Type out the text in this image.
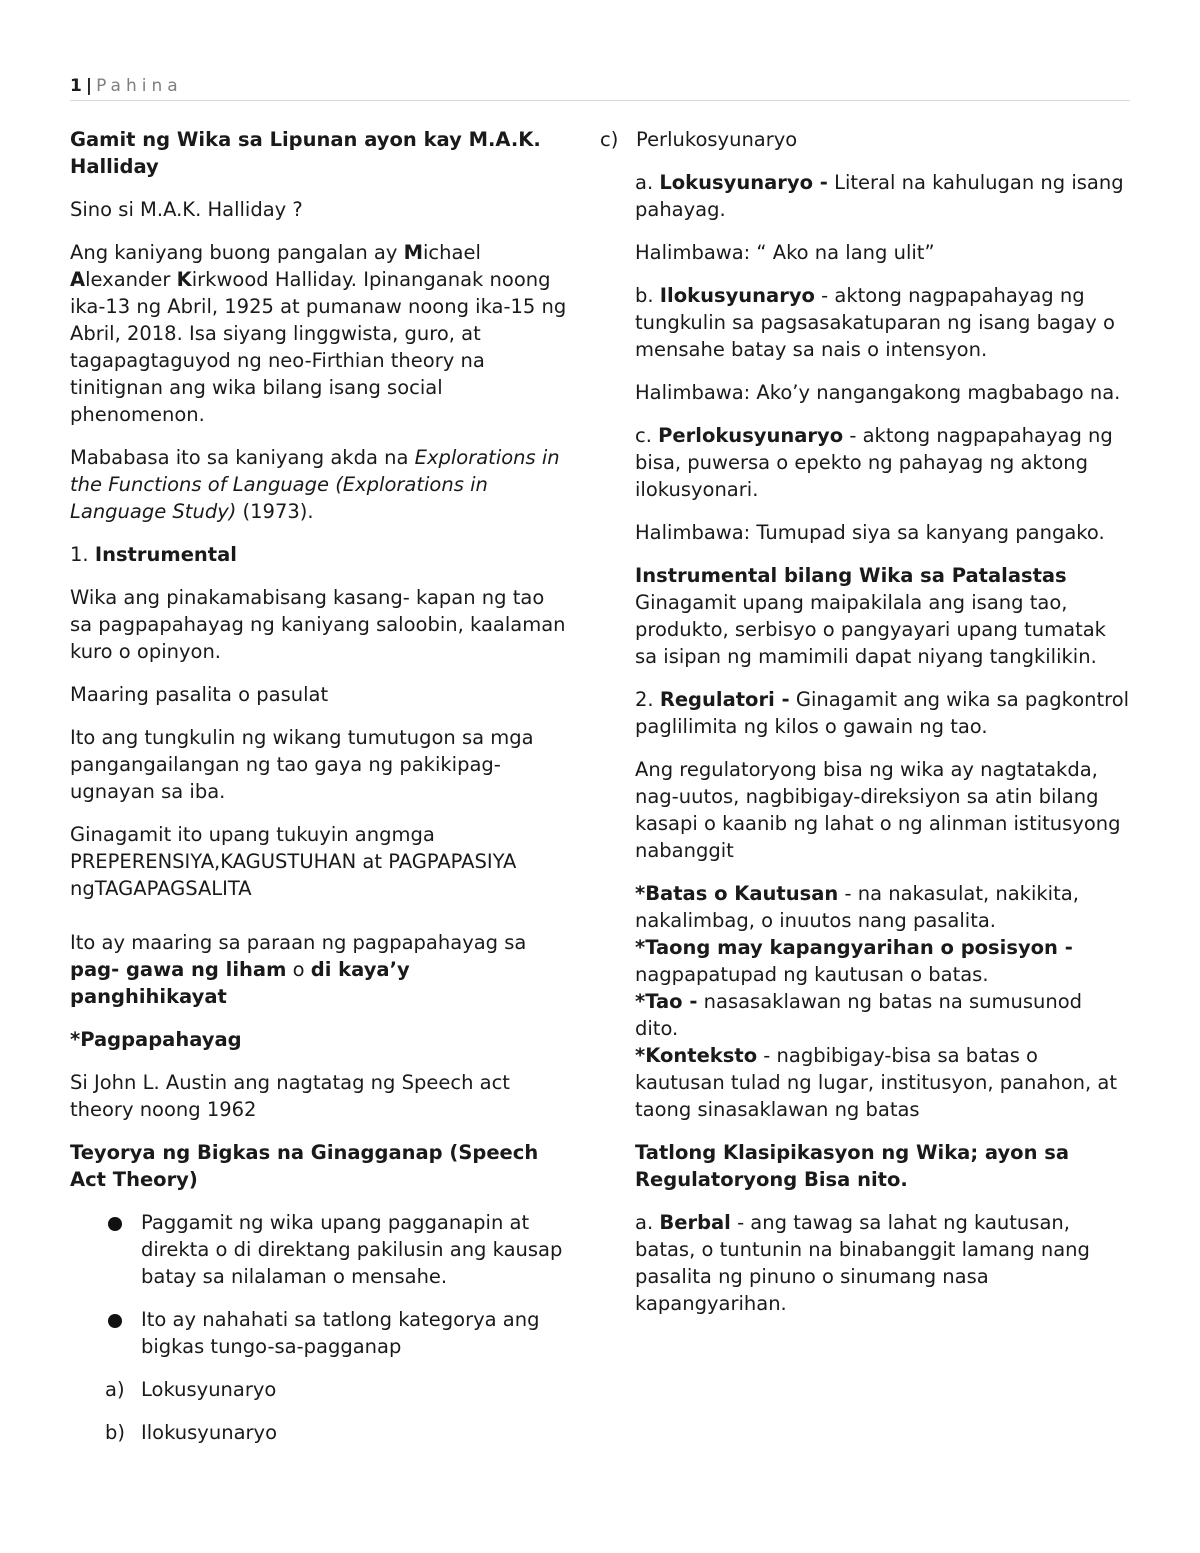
1 | Pahina

Gamit ng Wika sa Lipunan ayon kay M.A.K. Halliday

Sino si M.A.K. Halliday ?

Ang kaniyang buong pangalan ay Michael Alexander Kirkwood Halliday. Ipinanganak noong ika-13 ng Abril, 1925 at pumanaw noong ika-15 ng Abril, 2018. Isa siyang linggwista, guro, at tagapagtaguyod ng neo-Firthian theory na tinitignan ang wika bilang isang social phenomenon.

Mababasa ito sa kaniyang akda na Explorations in the Functions of Language (Explorations in Language Study) (1973).

1. Instrumental

Wika ang pinakamabisang kasang- kapan ng tao sa pagpapahayag ng kaniyang saloobin, kaalaman kuro o opinyon.

Maaring pasalita o pasulat

Ito ang tungkulin ng wikang tumutugon sa mga pangangailangan ng tao gaya ng pakikipag-ugnayan sa iba.

Ginagamit ito upang tukuyin angmga PREPERENSIYA,KAGUSTUHAN at PAGPAPASIYA ngTAGAPAGSALITA

Ito ay maaring sa paraan ng pagpapahayag sa pag- gawa ng liham o di kaya’y panghihikayat

*Pagpapahayag

Si John L. Austin ang nagtatag ng Speech act theory noong 1962

Teyorya ng Bigkas na Ginagganap (Speech Act Theory)

Paggamit ng wika upang pagganapin at direkta o di direktang pakilusin ang kausap batay sa nilalaman o mensahe.
Ito ay nahahati sa tatlong kategorya ang bigkas tungo-sa-pagganap
a) Lokusyunaryo
b) Ilokusyunaryo
c) Perlukosyunaryo

a. Lokusyunaryo - Literal na kahulugan ng isang pahayag.

Halimbawa: “ Ako na lang ulit”

b. Ilokusyunaryo - aktong nagpapahayag ng tungkulin sa pagsasakatuparan ng isang bagay o mensahe batay sa nais o intensyon.

Halimbawa: Ako’y nangangakong magbabago na.

c. Perlokusyunaryo - aktong nagpapahayag ng bisa, puwersa o epekto ng pahayag ng aktong ilokusyonari.

Halimbawa: Tumupad siya sa kanyang pangako.

Instrumental bilang Wika sa Patalastas
Ginagamit upang maipakilala ang isang tao, produkto, serbisyo o pangyayari upang tumatak sa isipan ng mamimili dapat niyang tangkilikin.

2. Regulatori - Ginagamit ang wika sa pagkontrol paglilimita ng kilos o gawain ng tao.

Ang regulatoryong bisa ng wika ay nagtatakda, nag-uutos, nagbibigay-direksiyon sa atin bilang kasapi o kaanib ng lahat o ng alinman istitusyong nabanggit

*Batas o Kautusan - na nakasulat, nakikita, nakalimbag, o inuutos nang pasalita.
*Taong may kapangyarihan o posisyon - nagpapatupad ng kautusan o batas.
*Tao - nasasaklawan ng batas na sumusunod dito.
*Konteksto - nagbibigay-bisa sa batas o kautusan tulad ng lugar, institusyon, panahon, at taong sinasaklawan ng batas

Tatlong Klasipikasyon ng Wika; ayon sa Regulatoryong Bisa nito.

a. Berbal - ang tawag sa lahat ng kautusan, batas, o tuntunin na binabanggit lamang nang pasalita ng pinuno o sinumang nasa kapangyarihan.
